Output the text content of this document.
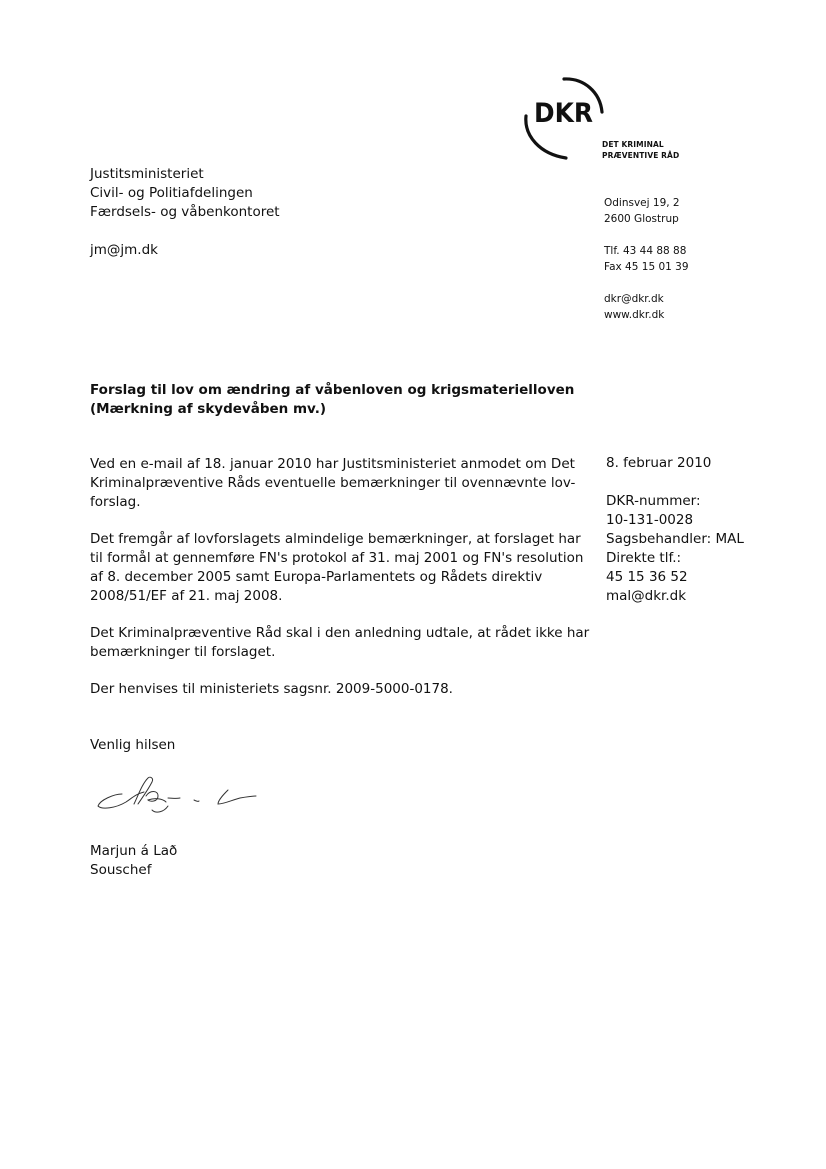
DKR
DET KRIMINAL
PRÆVENTIVE RÅD
Justitsministeriet
Civil- og Politiafdelingen
Færdsels- og våbenkontoret
jm@jm.dk
Odinsvej 19, 2
2600 Glostrup
Tlf. 43 44 88 88
Fax 45 15 01 39
dkr@dkr.dk
www.dkr.dk
Forslag til lov om ændring af våbenloven og krigsmaterielloven
(Mærkning af skydevåben mv.)
Ved en e-mail af 18. januar 2010 har Justitsministeriet anmodet om Det
Kriminalpræventive Råds eventuelle bemærkninger til ovennævnte lov-
forslag.
Det fremgår af lovforslagets almindelige bemærkninger, at forslaget har
til formål at gennemføre FN's protokol af 31. maj 2001 og FN's resolution
af 8. december 2005 samt Europa-Parlamentets og Rådets direktiv
2008/51/EF af 21. maj 2008.
Det Kriminalpræventive Råd skal i den anledning udtale, at rådet ikke har
bemærkninger til forslaget.
Der henvises til ministeriets sagsnr. 2009-5000-0178.
Venlig hilsen
Marjun á Lað
Souschef
8. februar 2010
DKR-nummer:
10-131-0028
Sagsbehandler: MAL
Direkte tlf.:
45 15 36 52
mal@dkr.dk
